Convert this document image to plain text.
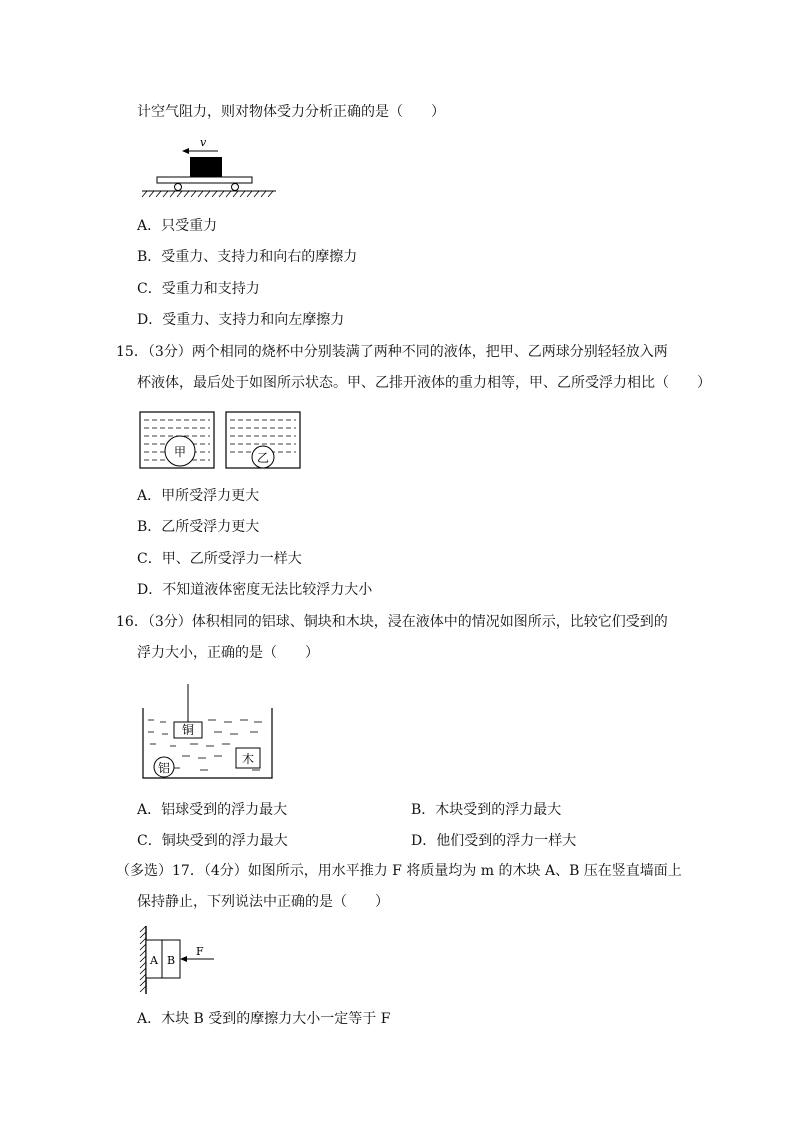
计空气阻力，则对物体受力分析正确的是（　　）
v
A．只受重力
B．受重力、支持力和向右的摩擦力
C．受重力和支持力
D．受重力、支持力和向左摩擦力
15．（3分）两个相同的烧杯中分别装满了两种不同的液体，把甲、乙两球分别轻轻放入两
杯液体，最后处于如图所示状态。甲、乙排开液体的重力相等，甲、乙所受浮力相比（　　）
甲	乙
A．甲所受浮力更大
B．乙所受浮力更大
C．甲、乙所受浮力一样大
D．不知道液体密度无法比较浮力大小
16．（3分）体积相同的铝球、铜块和木块，浸在液体中的情况如图所示，比较它们受到的
浮力大小，正确的是（　　）
铜
木
铝
A．铝球受到的浮力最大	B．木块受到的浮力最大
C．铜块受到的浮力最大	D．他们受到的浮力一样大
（多选）17．（4分）如图所示，用水平推力 F 将质量均为 m 的木块 A、B 压在竖直墙面上
保持静止，下列说法中正确的是（　　）
A B
F
A．木块 B 受到的摩擦力大小一定等于 F
